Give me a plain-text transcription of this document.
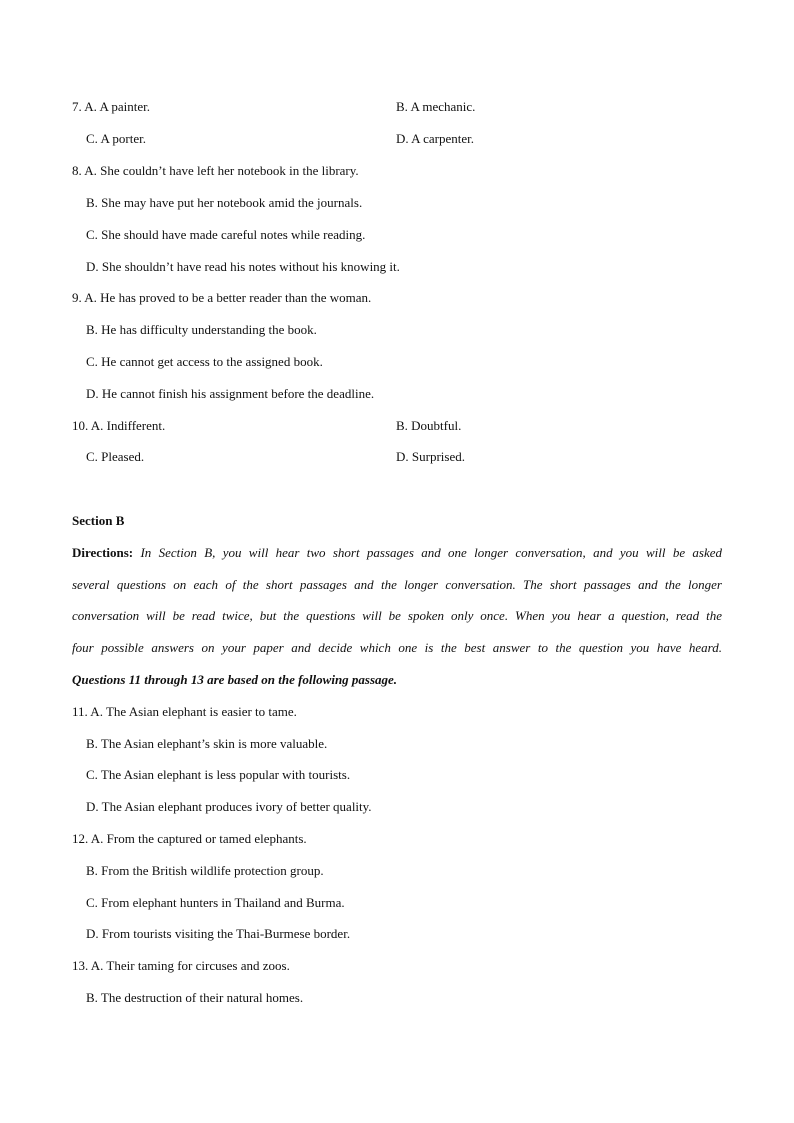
7. A. A painter.	B. A mechanic.
C. A porter.	D. A carpenter.
8. A. She couldn’t have left her notebook in the library.
B. She may have put her notebook amid the journals.
C. She should have made careful notes while reading.
D. She shouldn’t have read his notes without his knowing it.
9. A. He has proved to be a better reader than the woman.
B. He has difficulty understanding the book.
C. He cannot get access to the assigned book.
D. He cannot finish his assignment before the deadline.
10. A. Indifferent.	B. Doubtful.
C. Pleased.	D. Surprised.
Section B
Directions: In Section B, you will hear two short passages and one longer conversation, and you will be asked
several questions on each of the short passages and the longer conversation. The short passages and the longer
conversation will be read twice, but the questions will be spoken only once. When you hear a question, read the
four possible answers on your paper and decide which one is the best answer to the question you have heard.
Questions 11 through 13 are based on the following passage.
11. A. The Asian elephant is easier to tame.
B. The Asian elephant’s skin is more valuable.
C. The Asian elephant is less popular with tourists.
D. The Asian elephant produces ivory of better quality.
12. A. From the captured or tamed elephants.
B. From the British wildlife protection group.
C. From elephant hunters in Thailand and Burma.
D. From tourists visiting the Thai-Burmese border.
13. A. Their taming for circuses and zoos.
B. The destruction of their natural homes.
